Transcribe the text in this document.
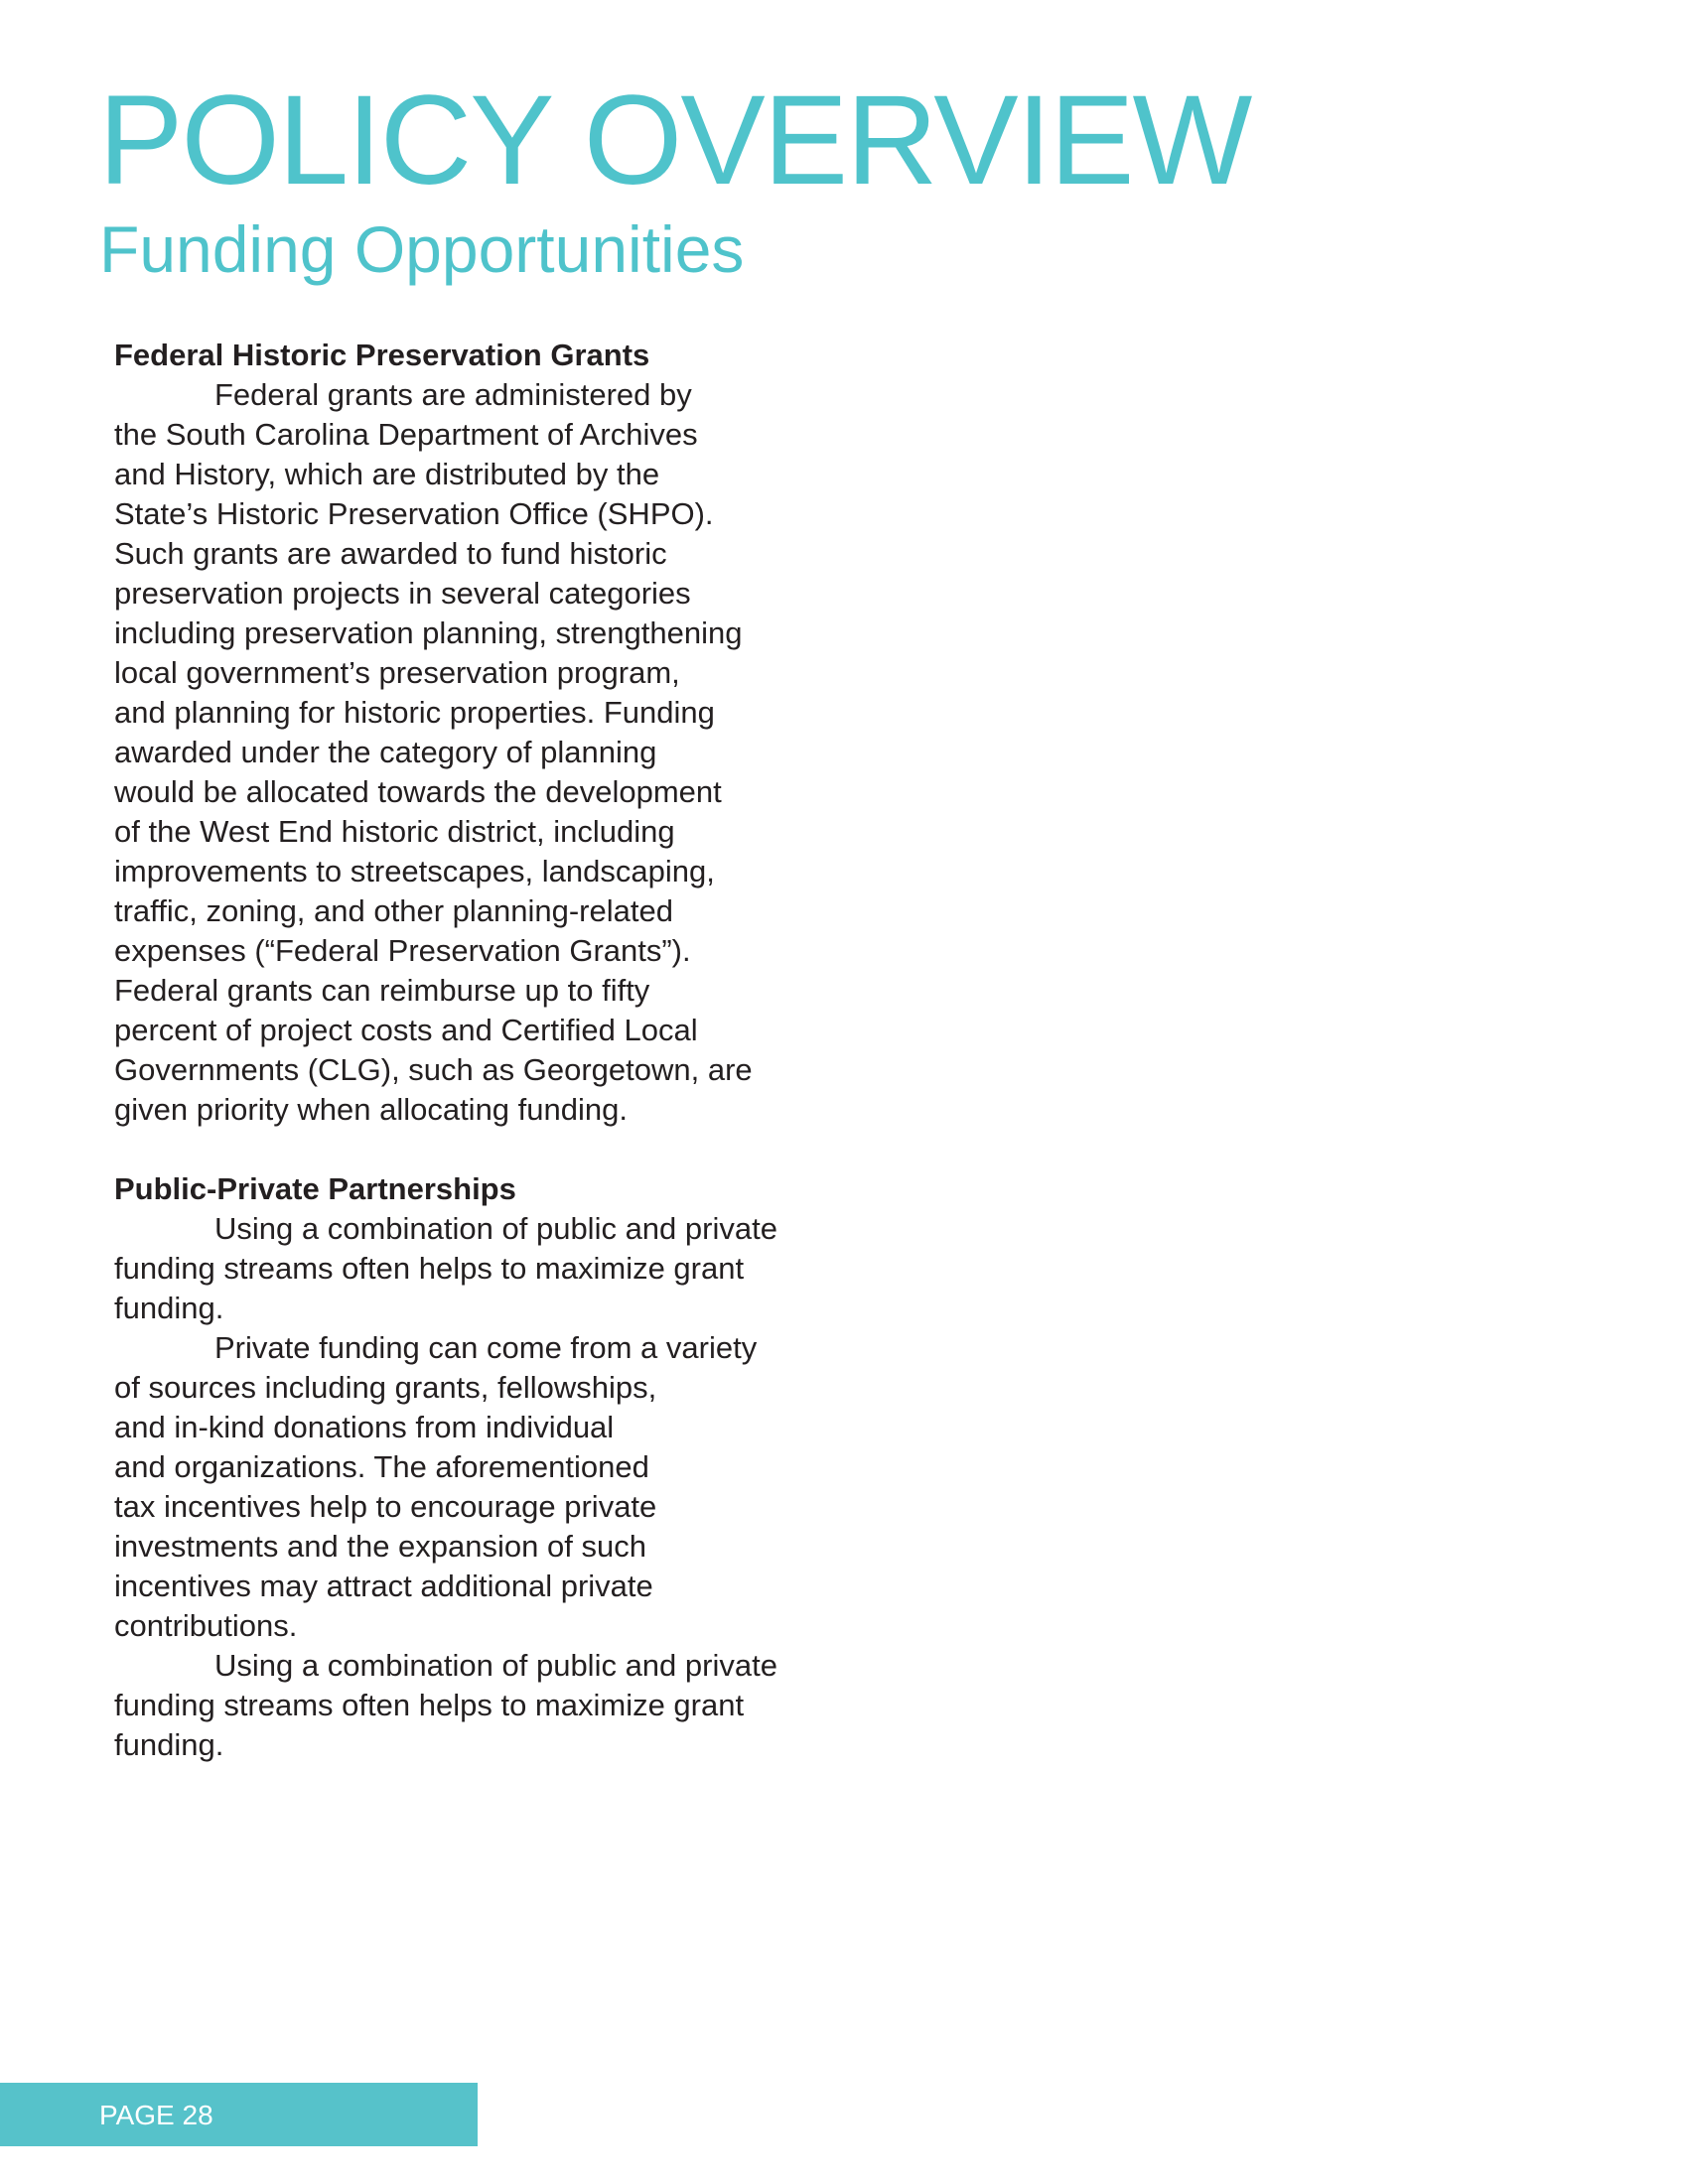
POLICY OVERVIEW
Funding Opportunities
Federal Historic Preservation Grants

Federal grants are administered by

the South Carolina Department of Archives

and History, which are distributed by the

State’s Historic Preservation Office (SHPO).

Such grants are awarded to fund historic

preservation projects in several categories

including preservation planning, strengthening

local government’s preservation program,

and planning for historic properties. Funding

awarded under the category of planning

would be allocated towards the development

of the West End historic district, including

improvements to streetscapes, landscaping,

traffic, zoning, and other planning-related

expenses (“Federal Preservation Grants”).

Federal grants can reimburse up to fifty

percent of project costs and Certified Local

Governments (CLG), such as Georgetown, are

given priority when allocating funding.

Public-Private Partnerships

Using a combination of public and private

funding streams often helps to maximize grant

funding.

Private funding can come from a variety

of sources including grants, fellowships,

and in-kind donations from individual

and organizations. The aforementioned

tax incentives help to encourage private

investments and the expansion of such

incentives may attract additional private

contributions.

Using a combination of public and private

funding streams often helps to maximize grant

funding.

PAGE 28
